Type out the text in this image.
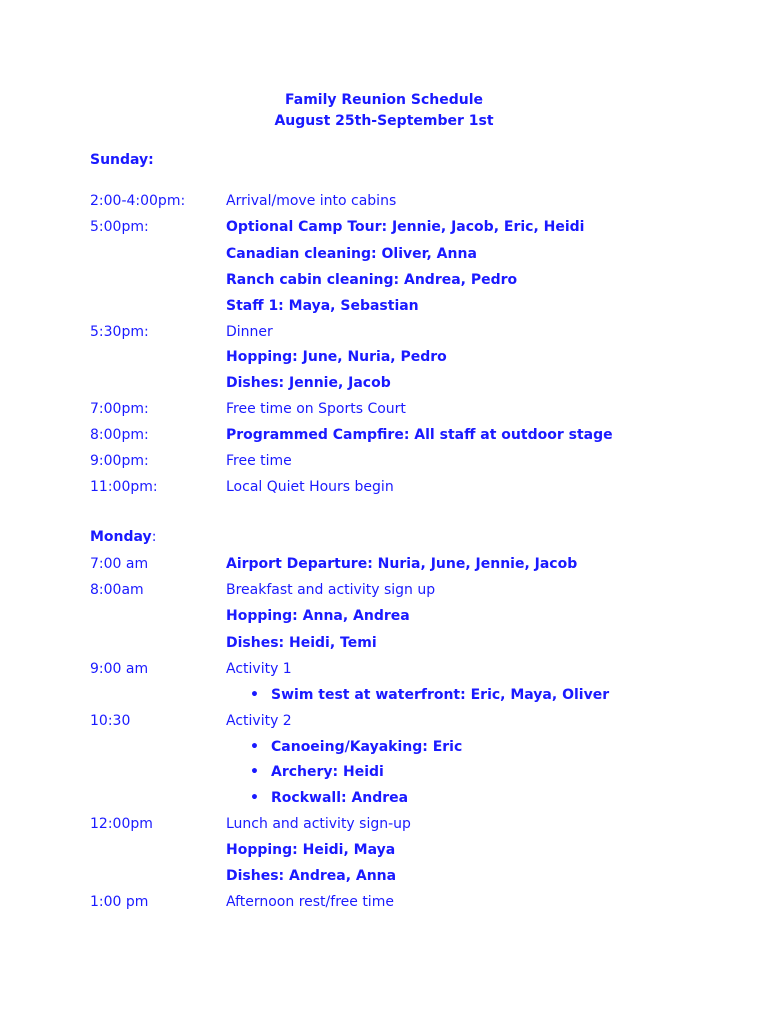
Family Reunion Schedule
August 25th-September 1st
Sunday:
2:00-4:00pm:	Arrival/move into cabins
5:00pm:	Optional Camp Tour: Jennie, Jacob, Eric, Heidi
Canadian cleaning: Oliver, Anna
Ranch cabin cleaning: Andrea, Pedro
Staff 1: Maya, Sebastian
5:30pm:	Dinner
Hopping: June, Nuria, Pedro
Dishes: Jennie, Jacob
7:00pm:	Free time on Sports Court
8:00pm:	Programmed Campfire: All staff at outdoor stage
9:00pm:	Free time
11:00pm:	Local Quiet Hours begin
Monday:
7:00 am	Airport Departure: Nuria, June, Jennie, Jacob
8:00am	Breakfast and activity sign up
Hopping: Anna, Andrea
Dishes: Heidi, Temi
9:00 am	Activity 1
• Swim test at waterfront: Eric, Maya, Oliver
10:30	Activity 2
• Canoeing/Kayaking: Eric
• Archery: Heidi
• Rockwall: Andrea
12:00pm	Lunch and activity sign-up
Hopping: Heidi, Maya
Dishes: Andrea, Anna
1:00 pm	Afternoon rest/free time
